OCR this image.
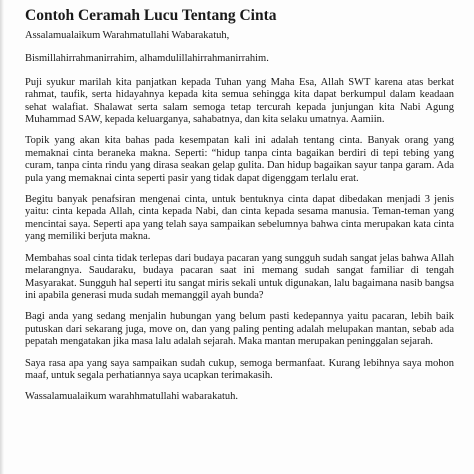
Contoh Ceramah Lucu Tentang Cinta

Assalamualaikum Warahmatullahi Wabarakatuh,

Bismillahirrahmanirrahim, alhamdulillahirrahmanirrahim.

Puji syukur marilah kita panjatkan kepada Tuhan yang Maha Esa, Allah SWT karena atas berkat rahmat, taufik, serta hidayahnya kepada kita semua sehingga kita dapat berkumpul dalam keadaan sehat walafiat. Shalawat serta salam semoga tetap tercurah kepada junjungan kita Nabi Agung Muhammad SAW, kepada keluarganya, sahabatnya, dan kita selaku umatnya. Aamiin.

Topik yang akan kita bahas pada kesempatan kali ini adalah tentang cinta. Banyak orang yang memaknai cinta beraneka makna. Seperti: “hidup tanpa cinta bagaikan berdiri di tepi tebing yang curam, tanpa cinta rindu yang dirasa seakan gelap gulita. Dan hidup bagaikan sayur tanpa garam. Ada pula yang memaknai cinta seperti pasir yang tidak dapat digenggam terlalu erat.

Begitu banyak penafsiran mengenai cinta, untuk bentuknya cinta dapat dibedakan menjadi 3 jenis yaitu: cinta kepada Allah, cinta kepada Nabi, dan cinta kepada sesama manusia. Teman-teman yang mencintai saya. Seperti apa yang telah saya sampaikan sebelumnya bahwa cinta merupakan kata cinta yang memiliki berjuta makna.

Membahas soal cinta tidak terlepas dari budaya pacaran yang sungguh sudah sangat jelas bahwa Allah melarangnya. Saudaraku, budaya pacaran saat ini memang sudah sangat familiar di tengah Masyarakat. Sungguh hal seperti itu sangat miris sekali untuk digunakan, lalu bagaimana nasib bangsa ini apabila generasi muda sudah memanggil ayah bunda?

Bagi anda yang sedang menjalin hubungan yang belum pasti kedepannya yaitu pacaran, lebih baik putuskan dari sekarang juga, move on, dan yang paling penting adalah melupakan mantan, sebab ada pepatah mengatakan jika masa lalu adalah sejarah. Maka mantan merupakan peninggalan sejarah.

Saya rasa apa yang saya sampaikan sudah cukup, semoga bermanfaat. Kurang lebihnya saya mohon maaf, untuk segala perhatiannya saya ucapkan terimakasih.

Wassalamualaikum warahhmatullahi wabarakatuh.
